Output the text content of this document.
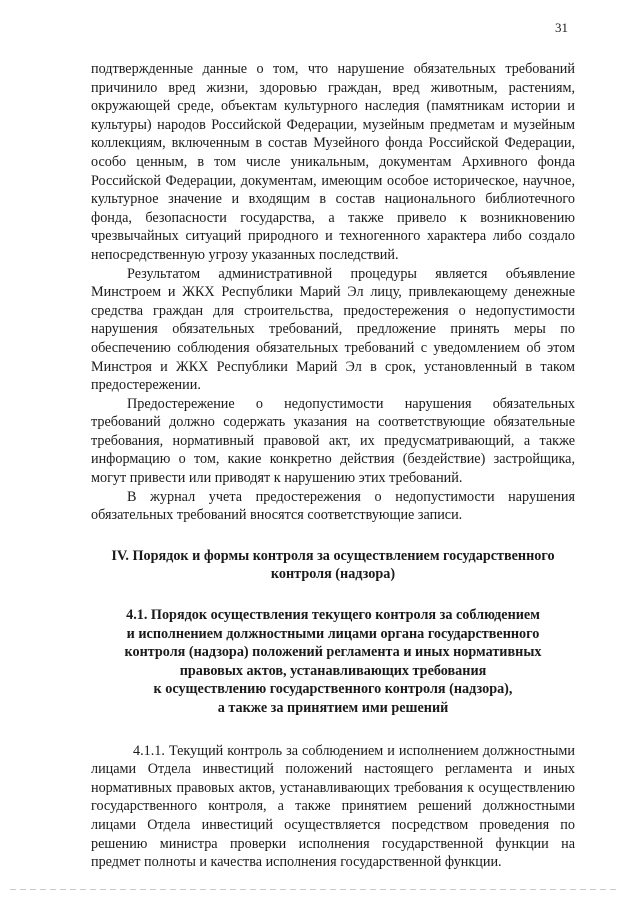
31

подтвержденные данные о том, что нарушение обязательных требований причинило вред жизни, здоровью граждан, вред животным, растениям, окружающей среде, объектам культурного наследия (памятникам истории и культуры) народов Российской Федерации, музейным предметам и музейным коллекциям, включенным в состав Музейного фонда Российской Федерации, особо ценным, в том числе уникальным, документам Архивного фонда Российской Федерации, документам, имеющим особое историческое, научное, культурное значение и входящим в состав национального библиотечного фонда, безопасности государства, а также привело к возникновению чрезвычайных ситуаций природного и техногенного характера либо создало непосредственную угрозу указанных последствий.

Результатом административной процедуры является объявление Минстроем и ЖКХ Республики Марий Эл лицу, привлекающему денежные средства граждан для строительства, предостережения о недопустимости нарушения обязательных требований, предложение принять меры по обеспечению соблюдения обязательных требований с уведомлением об этом Минстроя и ЖКХ Республики Марий Эл в срок, установленный в таком предостережении.

Предостережение о недопустимости нарушения обязательных требований должно содержать указания на соответствующие обязательные требования, нормативный правовой акт, их предусматривающий, а также информацию о том, какие конкретно действия (бездействие) застройщика, могут привести или приводят к нарушению этих требований.

В журнал учета предостережения о недопустимости нарушения обязательных требований вносятся соответствующие записи.

IV. Порядок и формы контроля за осуществлением государственного
контроля (надзора)
4.1. Порядок осуществления текущего контроля за соблюдением
и исполнением должностными лицами органа государственного
контроля (надзора) положений регламента и иных нормативных
правовых актов, устанавливающих требования
к осуществлению государственного контроля (надзора),
а также за принятием ими решений

4.1.1. Текущий контроль за соблюдением и исполнением должностными лицами Отдела инвестиций положений настоящего регламента и иных нормативных правовых актов, устанавливающих требования к осуществлению государственного контроля, а также принятием решений должностными лицами Отдела инвестиций осуществляется посредством проведения по решению министра проверки исполнения государственной функции на предмет полноты и качества исполнения государственной функции.
